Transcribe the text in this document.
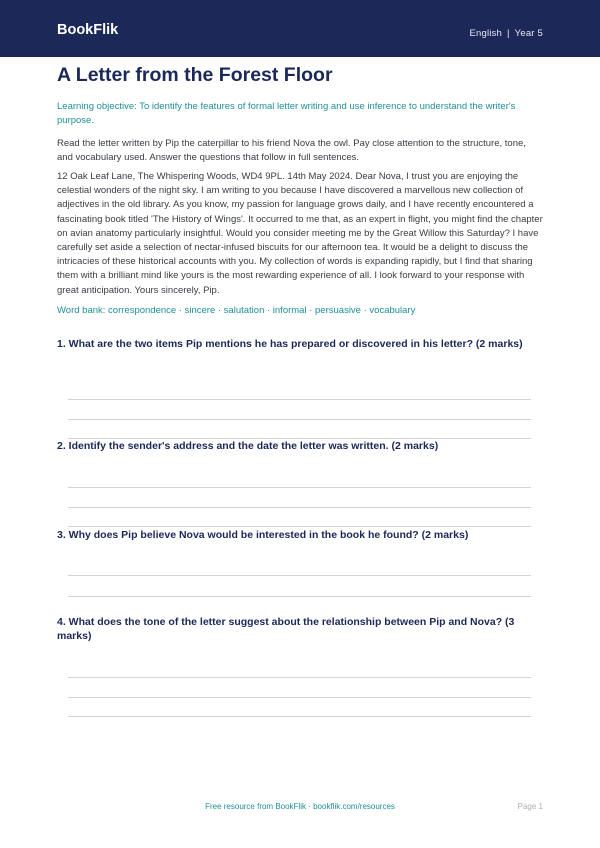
BookFlik	English | Year 5
A Letter from the Forest Floor
Learning objective: To identify the features of formal letter writing and use inference to understand the writer's purpose.
Read the letter written by Pip the caterpillar to his friend Nova the owl. Pay close attention to the structure, tone, and vocabulary used. Answer the questions that follow in full sentences.
12 Oak Leaf Lane, The Whispering Woods, WD4 9PL. 14th May 2024. Dear Nova, I trust you are enjoying the celestial wonders of the night sky. I am writing to you because I have discovered a marvellous new collection of adjectives in the old library. As you know, my passion for language grows daily, and I have recently encountered a fascinating book titled 'The History of Wings'. It occurred to me that, as an expert in flight, you might find the chapter on avian anatomy particularly insightful. Would you consider meeting me by the Great Willow this Saturday? I have carefully set aside a selection of nectar-infused biscuits for our afternoon tea. It would be a delight to discuss the intricacies of these historical accounts with you. My collection of words is expanding rapidly, but I find that sharing them with a brilliant mind like yours is the most rewarding experience of all. I look forward to your response with great anticipation. Yours sincerely, Pip.
Word bank: correspondence · sincere · salutation · informal · persuasive · vocabulary
1. What are the two items Pip mentions he has prepared or discovered in his letter? (2 marks)
2. Identify the sender's address and the date the letter was written. (2 marks)
3. Why does Pip believe Nova would be interested in the book he found? (2 marks)
4. What does the tone of the letter suggest about the relationship between Pip and Nova? (3 marks)
Free resource from BookFlik · bookflik.com/resources	Page 1
